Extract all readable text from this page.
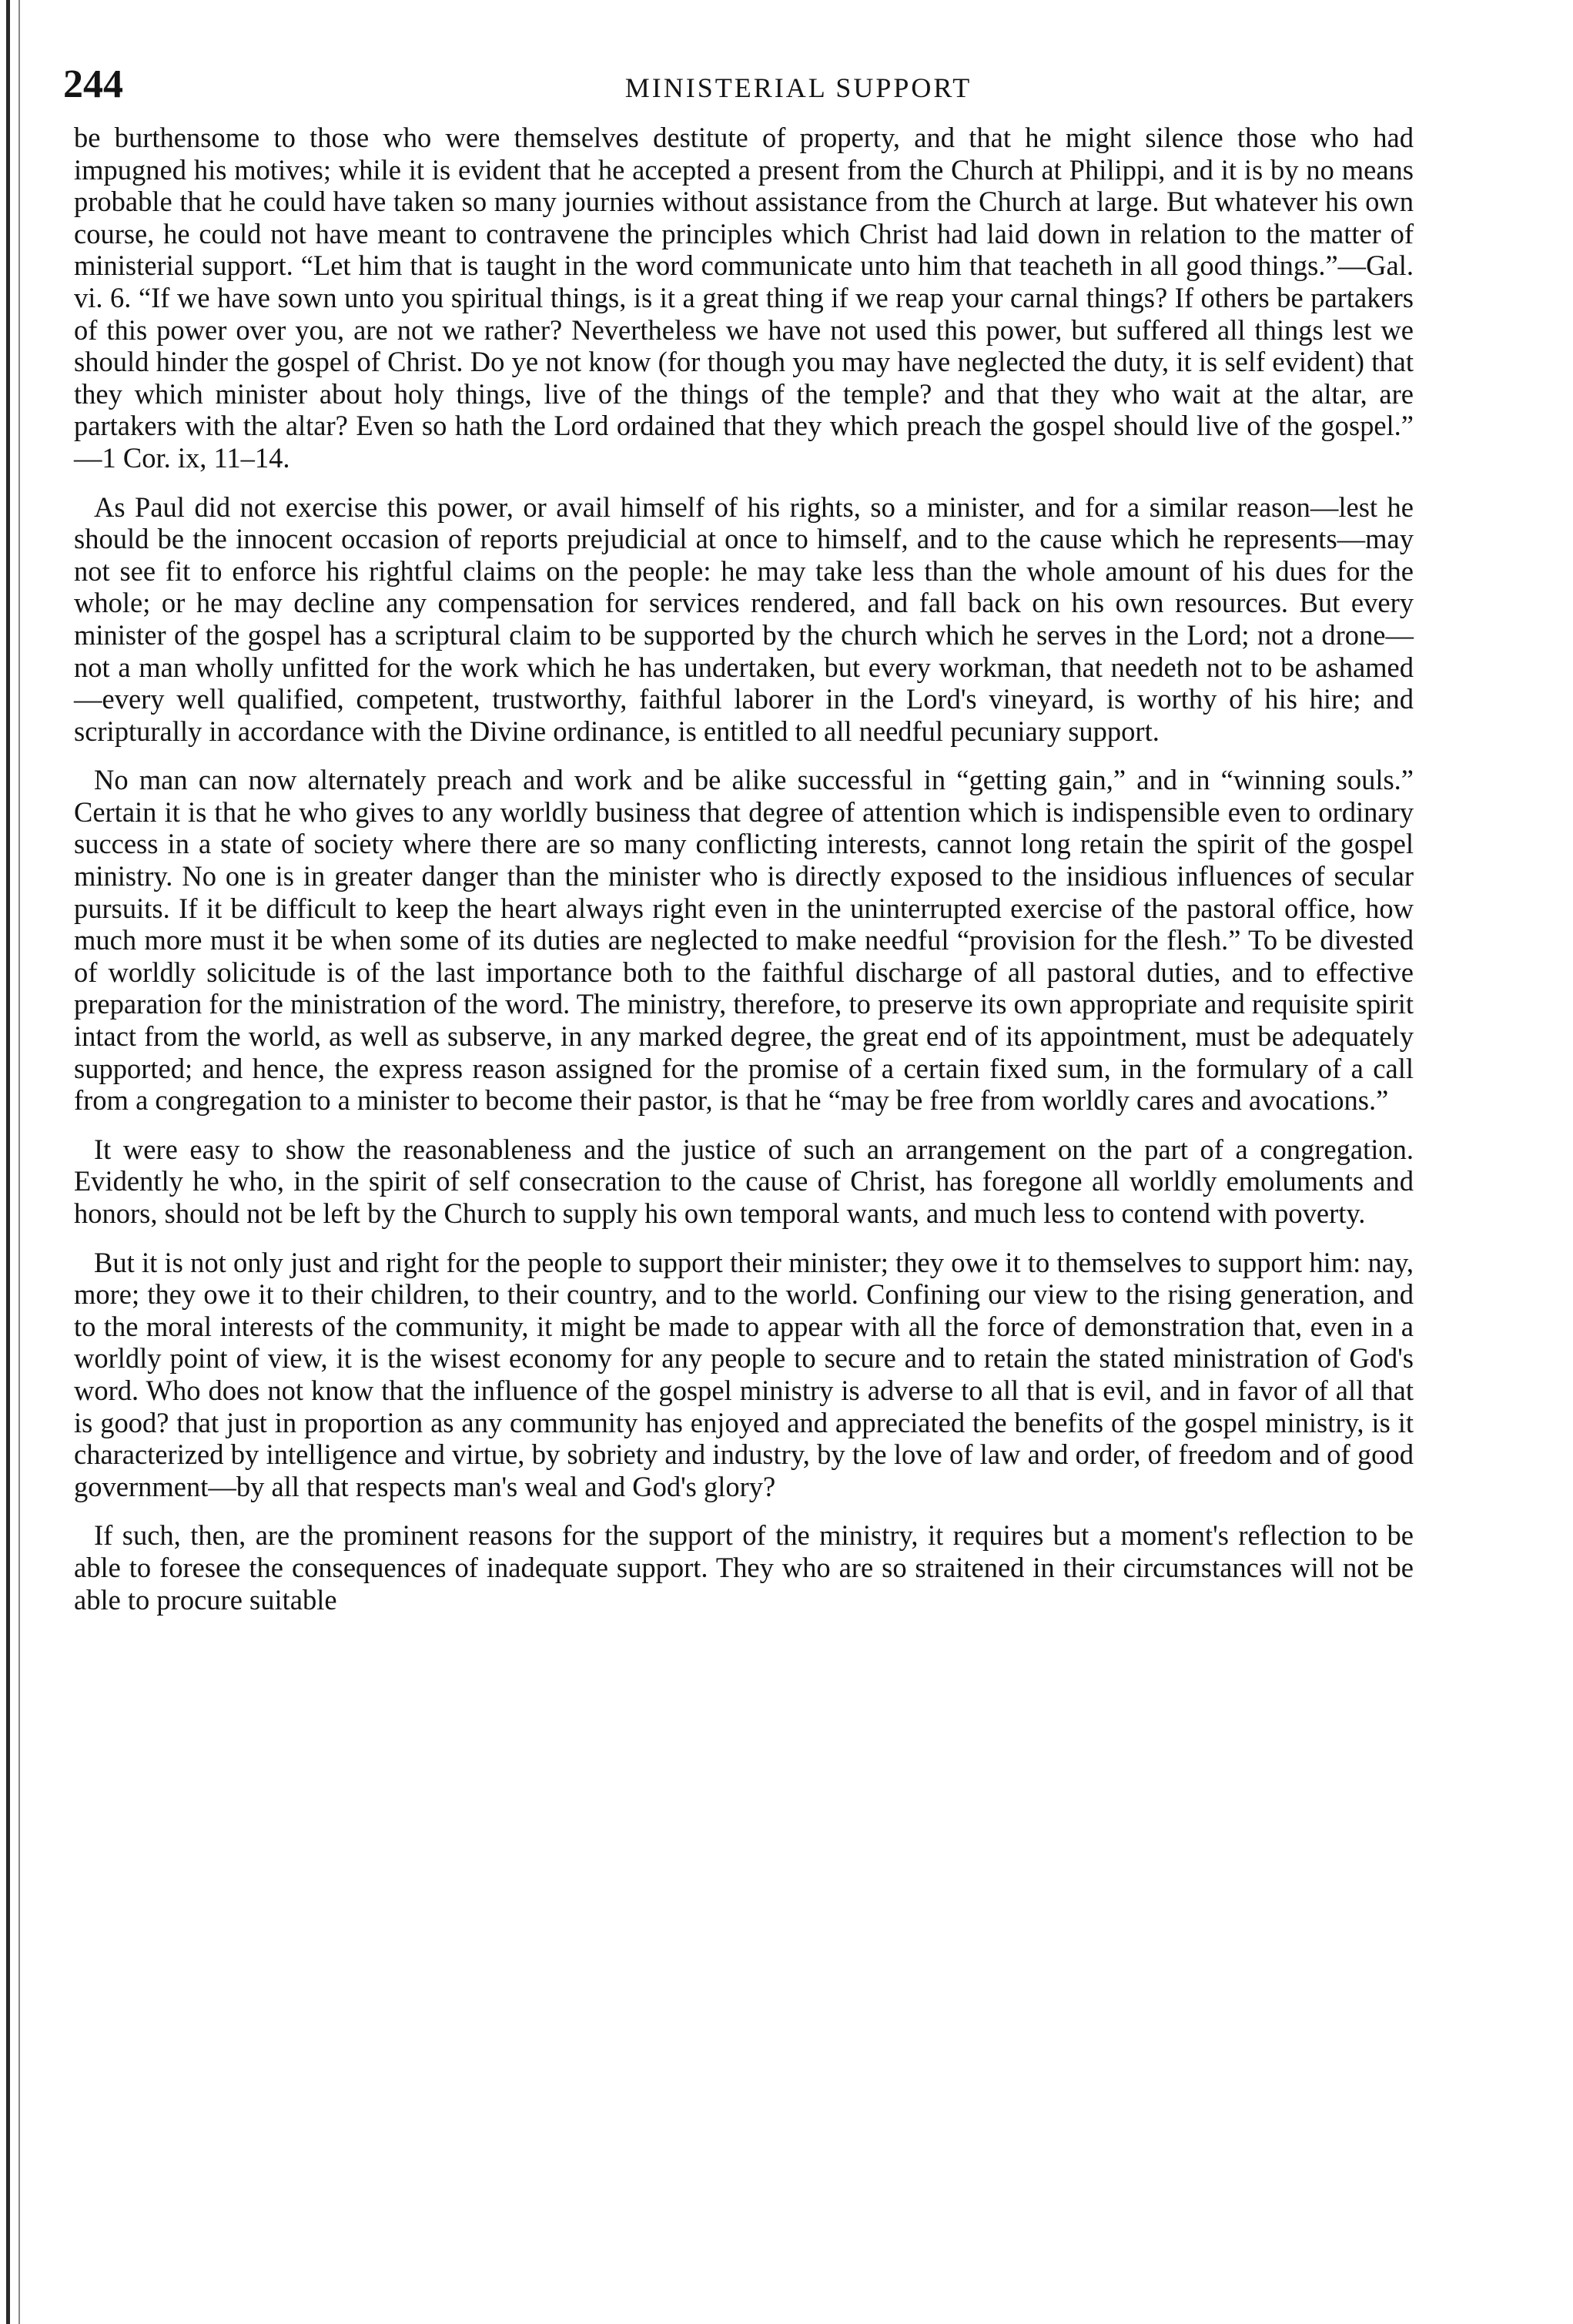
244	MINISTERIAL SUPPORT

be burthensome to those who were themselves destitute of property, and that he might silence those who had impugned his motives; while it is evident that he accepted a present from the Church at Philippi, and it is by no means probable that he could have taken so many journies without assistance from the Church at large. But whatever his own course, he could not have meant to contravene the principles which Christ had laid down in relation to the matter of ministerial support. “Let him that is taught in the word communicate unto him that teacheth in all good things.”—Gal. vi. 6. “If we have sown unto you spiritual things, is it a great thing if we reap your carnal things? If others be partakers of this power over you, are not we rather? Nevertheless we have not used this power, but suffered all things lest we should hinder the gospel of Christ. Do ye not know (for though you may have neglected the duty, it is self evident) that they which minister about holy things, live of the things of the temple? and that they who wait at the altar, are partakers with the altar? Even so hath the Lord ordained that they which preach the gospel should live of the gospel.” —1 Cor. ix, 11–14.

As Paul did not exercise this power, or avail himself of his rights, so a minister, and for a similar reason—lest he should be the innocent occasion of reports prejudicial at once to himself, and to the cause which he represents—may not see fit to enforce his rightful claims on the people: he may take less than the whole amount of his dues for the whole; or he may decline any compensation for services rendered, and fall back on his own resources. But every minister of the gospel has a scriptural claim to be supported by the church which he serves in the Lord; not a drone—not a man wholly unfitted for the work which he has undertaken, but every workman, that needeth not to be ashamed—every well qualified, competent, trustworthy, faithful laborer in the Lord's vineyard, is worthy of his hire; and scripturally in accordance with the Divine ordinance, is entitled to all needful pecuniary support.

No man can now alternately preach and work and be alike successful in “getting gain,” and in “winning souls.” Certain it is that he who gives to any worldly business that degree of attention which is indispensible even to ordinary success in a state of society where there are so many conflicting interests, cannot long retain the spirit of the gospel ministry. No one is in greater danger than the minister who is directly exposed to the insidious influences of secular pursuits. If it be difficult to keep the heart always right even in the uninterrupted exercise of the pastoral office, how much more must it be when some of its duties are neglected to make needful “provision for the flesh.” To be divested of worldly solicitude is of the last importance both to the faithful discharge of all pastoral duties, and to effective preparation for the ministration of the word. The ministry, therefore, to preserve its own appropriate and requisite spirit intact from the world, as well as subserve, in any marked degree, the great end of its appointment, must be adequately supported; and hence, the express reason assigned for the promise of a certain fixed sum, in the formulary of a call from a congregation to a minister to become their pastor, is that he “may be free from worldly cares and avocations.”

It were easy to show the reasonableness and the justice of such an arrangement on the part of a congregation. Evidently he who, in the spirit of self consecration to the cause of Christ, has foregone all worldly emoluments and honors, should not be left by the Church to supply his own temporal wants, and much less to contend with poverty.

But it is not only just and right for the people to support their minister; they owe it to themselves to support him: nay, more; they owe it to their children, to their country, and to the world. Confining our view to the rising generation, and to the moral interests of the community, it might be made to appear with all the force of demonstration that, even in a worldly point of view, it is the wisest economy for any people to secure and to retain the stated ministration of God's word. Who does not know that the influence of the gospel ministry is adverse to all that is evil, and in favor of all that is good? that just in proportion as any community has enjoyed and appreciated the benefits of the gospel ministry, is it characterized by intelligence and virtue, by sobriety and industry, by the love of law and order, of freedom and of good government—by all that respects man's weal and God's glory?

If such, then, are the prominent reasons for the support of the ministry, it requires but a moment's reflection to be able to foresee the consequences of inadequate support. They who are so straitened in their circumstances will not be able to procure suitable
